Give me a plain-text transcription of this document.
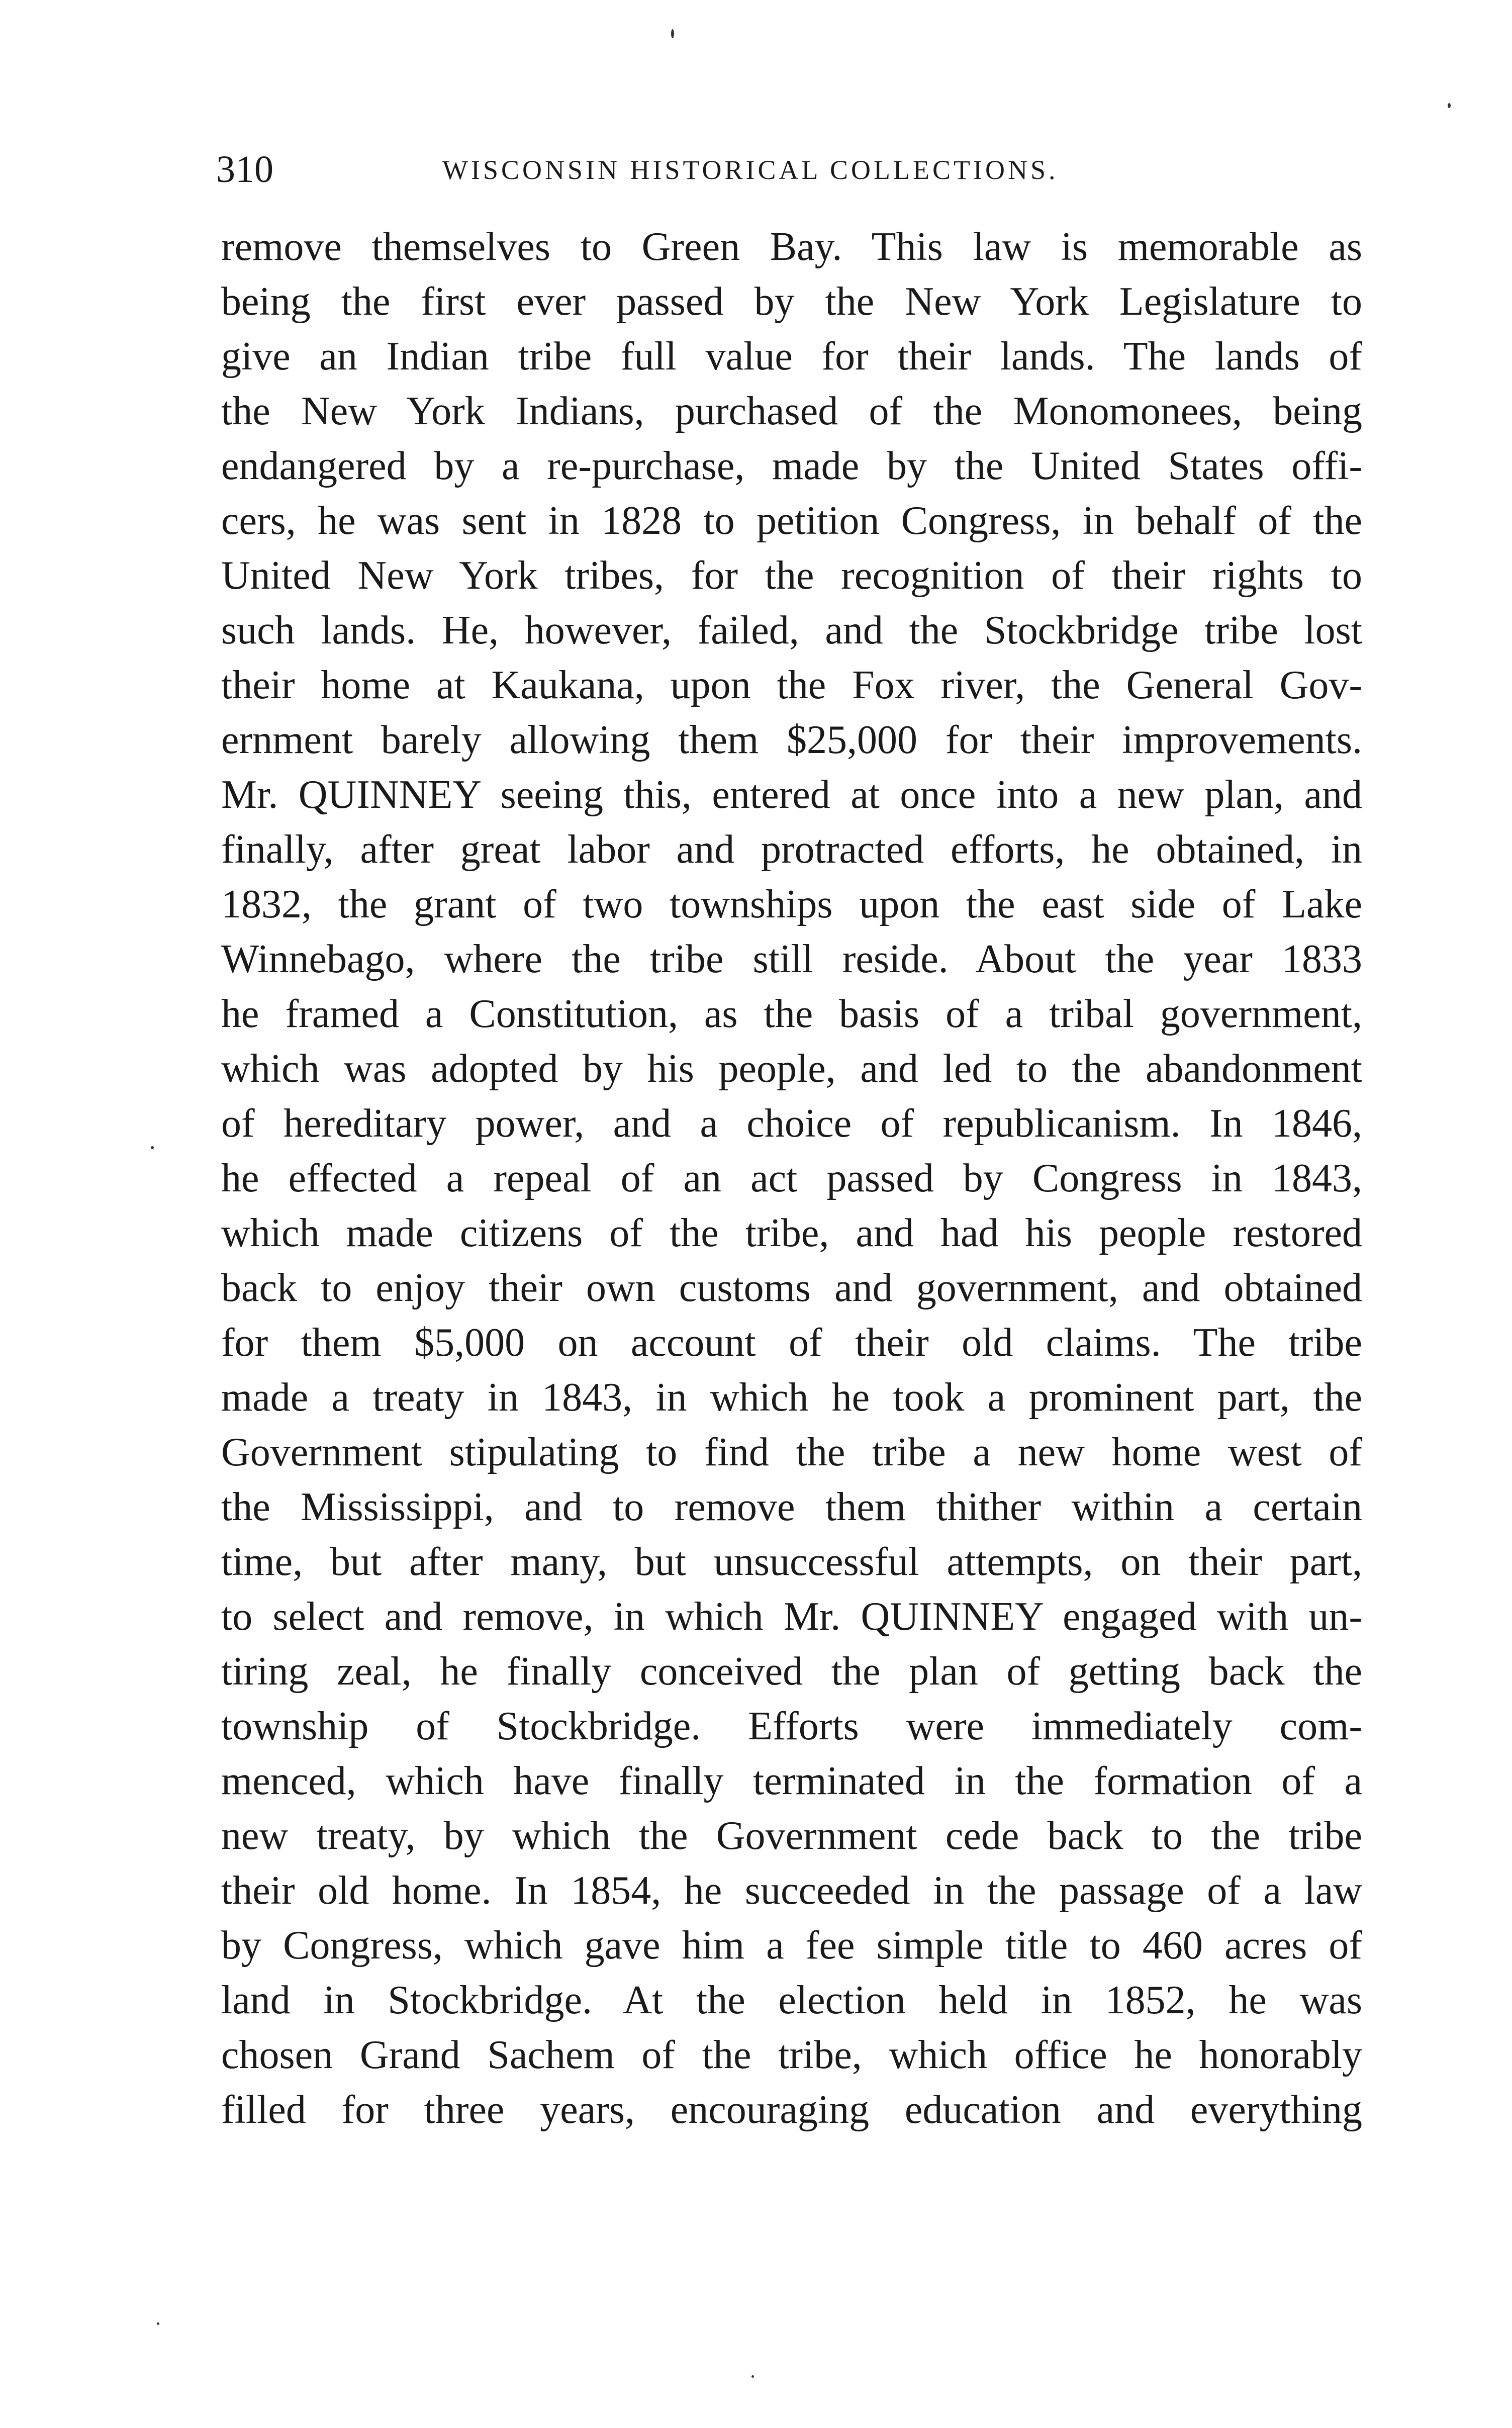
310	WISCONSIN HISTORICAL COLLECTIONS.
remove themselves to Green Bay. This law is memorable as
being the first ever passed by the New York Legislature to
give an Indian tribe full value for their lands. The lands of
the New York Indians, purchased of the Monomonees, being
endangered by a re-purchase, made by the United States offi-
cers, he was sent in 1828 to petition Congress, in behalf of the
United New York tribes, for the recognition of their rights to
such lands. He, however, failed, and the Stockbridge tribe lost
their home at Kaukana, upon the Fox river, the General Gov-
ernment barely allowing them $25,000 for their improvements.
Mr. QUINNEY seeing this, entered at once into a new plan, and
finally, after great labor and protracted efforts, he obtained, in
1832, the grant of two townships upon the east side of Lake
Winnebago, where the tribe still reside. About the year 1833
he framed a Constitution, as the basis of a tribal government,
which was adopted by his people, and led to the abandonment
of hereditary power, and a choice of republicanism. In 1846,
he effected a repeal of an act passed by Congress in 1843,
which made citizens of the tribe, and had his people restored
back to enjoy their own customs and government, and obtained
for them $5,000 on account of their old claims. The tribe
made a treaty in 1843, in which he took a prominent part, the
Government stipulating to find the tribe a new home west of
the Mississippi, and to remove them thither within a certain
time, but after many, but unsuccessful attempts, on their part,
to select and remove, in which Mr. QUINNEY engaged with un-
tiring zeal, he finally conceived the plan of getting back the
township of Stockbridge. Efforts were immediately com-
menced, which have finally terminated in the formation of a
new treaty, by which the Government cede back to the tribe
their old home. In 1854, he succeeded in the passage of a law
by Congress, which gave him a fee simple title to 460 acres of
land in Stockbridge. At the election held in 1852, he was
chosen Grand Sachem of the tribe, which office he honorably
filled for three years, encouraging education and everything
